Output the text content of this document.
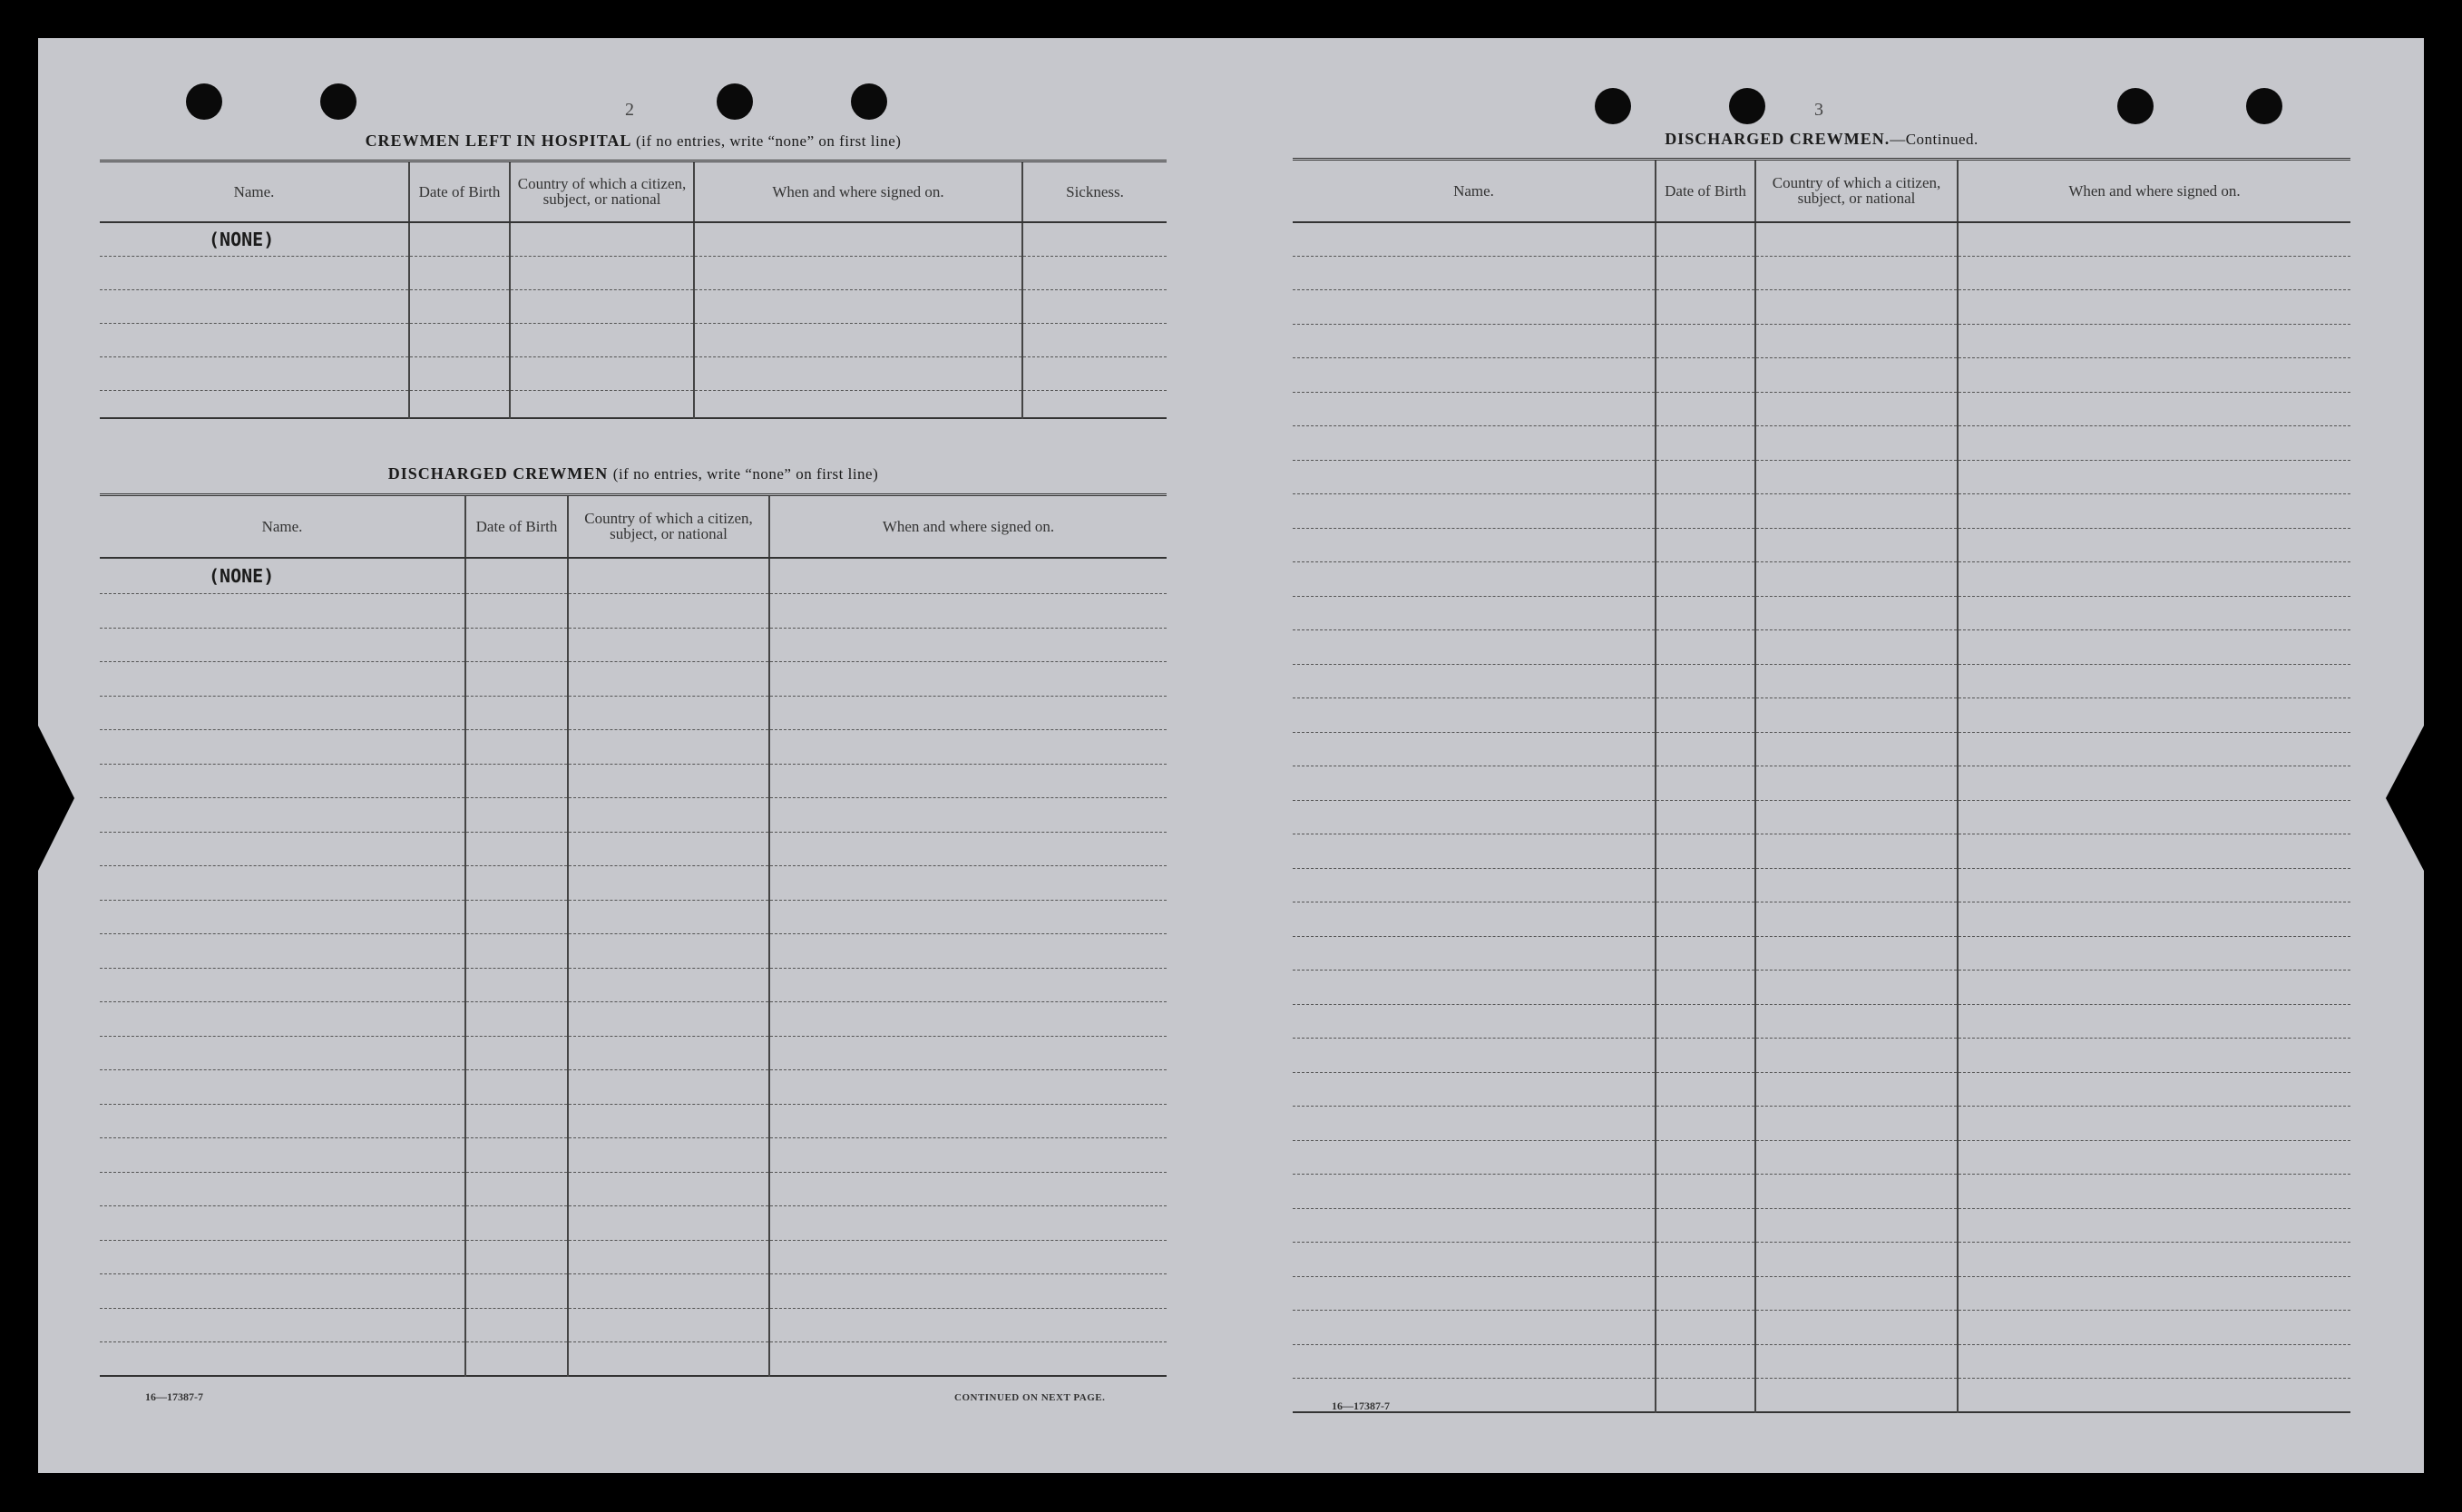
2
CREWMEN LEFT IN HOSPITAL (if no entries, write “none” on first line)
Name.	Date of Birth	Country of which a citizen, subject, or national	When and where signed on.	Sickness.
(NONE)				

DISCHARGED CREWMEN (if no entries, write “none” on first line)
Name.	Date of Birth	Country of which a citizen, subject, or national	When and where signed on.
(NONE)			

16—17387-7	CONTINUED ON NEXT PAGE.
3
DISCHARGED CREWMEN.—Continued.
Name.	Date of Birth	Country of which a citizen, subject, or national	When and where signed on.

16—17387-7
